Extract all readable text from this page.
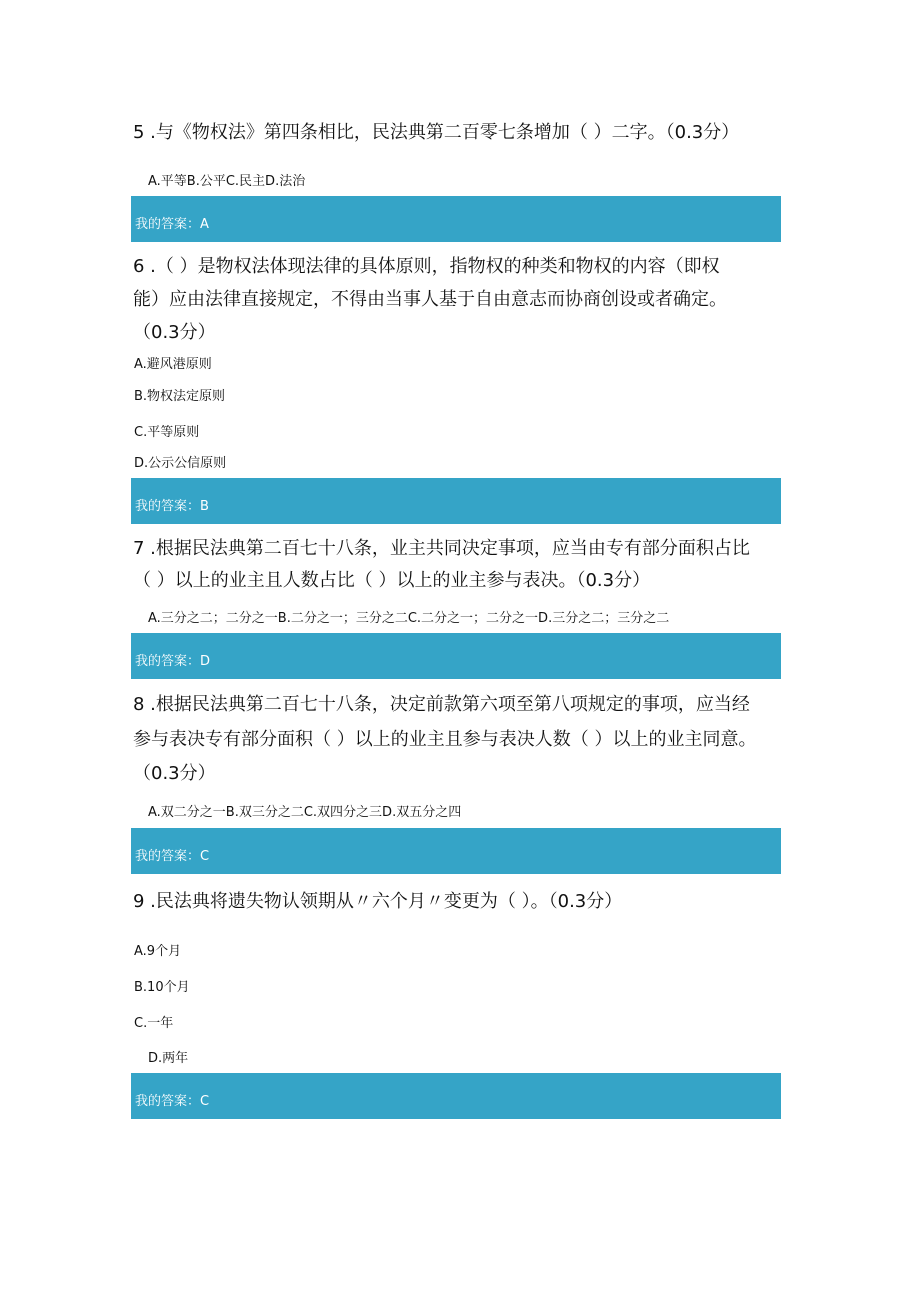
5 .与《物权法》第四条相比，民法典第二百零七条增加（ ）二字。（0.3分）
A.平等B.公平C.民主D.法治
我的答案：A
6 .（ ）是物权法体现法律的具体原则，指物权的种类和物权的内容（即权
能）应由法律直接规定，不得由当事人基于自由意志而协商创设或者确定。
（0.3分）
A.避风港原则
B.物权法定原则
C.平等原则
D.公示公信原则
我的答案：B
7 .根据民法典第二百七十八条，业主共同决定事项，应当由专有部分面积占比
（ ）以上的业主且人数占比（ ）以上的业主参与表决。（0.3分）
A.三分之二；二分之一B.二分之一；三分之二C.二分之一；二分之一D.三分之二；三分之二
我的答案：D
8 .根据民法典第二百七十八条，决定前款第六项至第八项规定的事项，应当经
参与表决专有部分面积（ ）以上的业主且参与表决人数（ ）以上的业主同意。
（0.3分）
A.双二分之一B.双三分之二C.双四分之三D.双五分之四
我的答案：C
9 .民法典将遗失物认领期从〃六个月〃变更为（ ）。（0.3分）
A.9个月
B.10个月
C.一年
D.两年
我的答案：C
